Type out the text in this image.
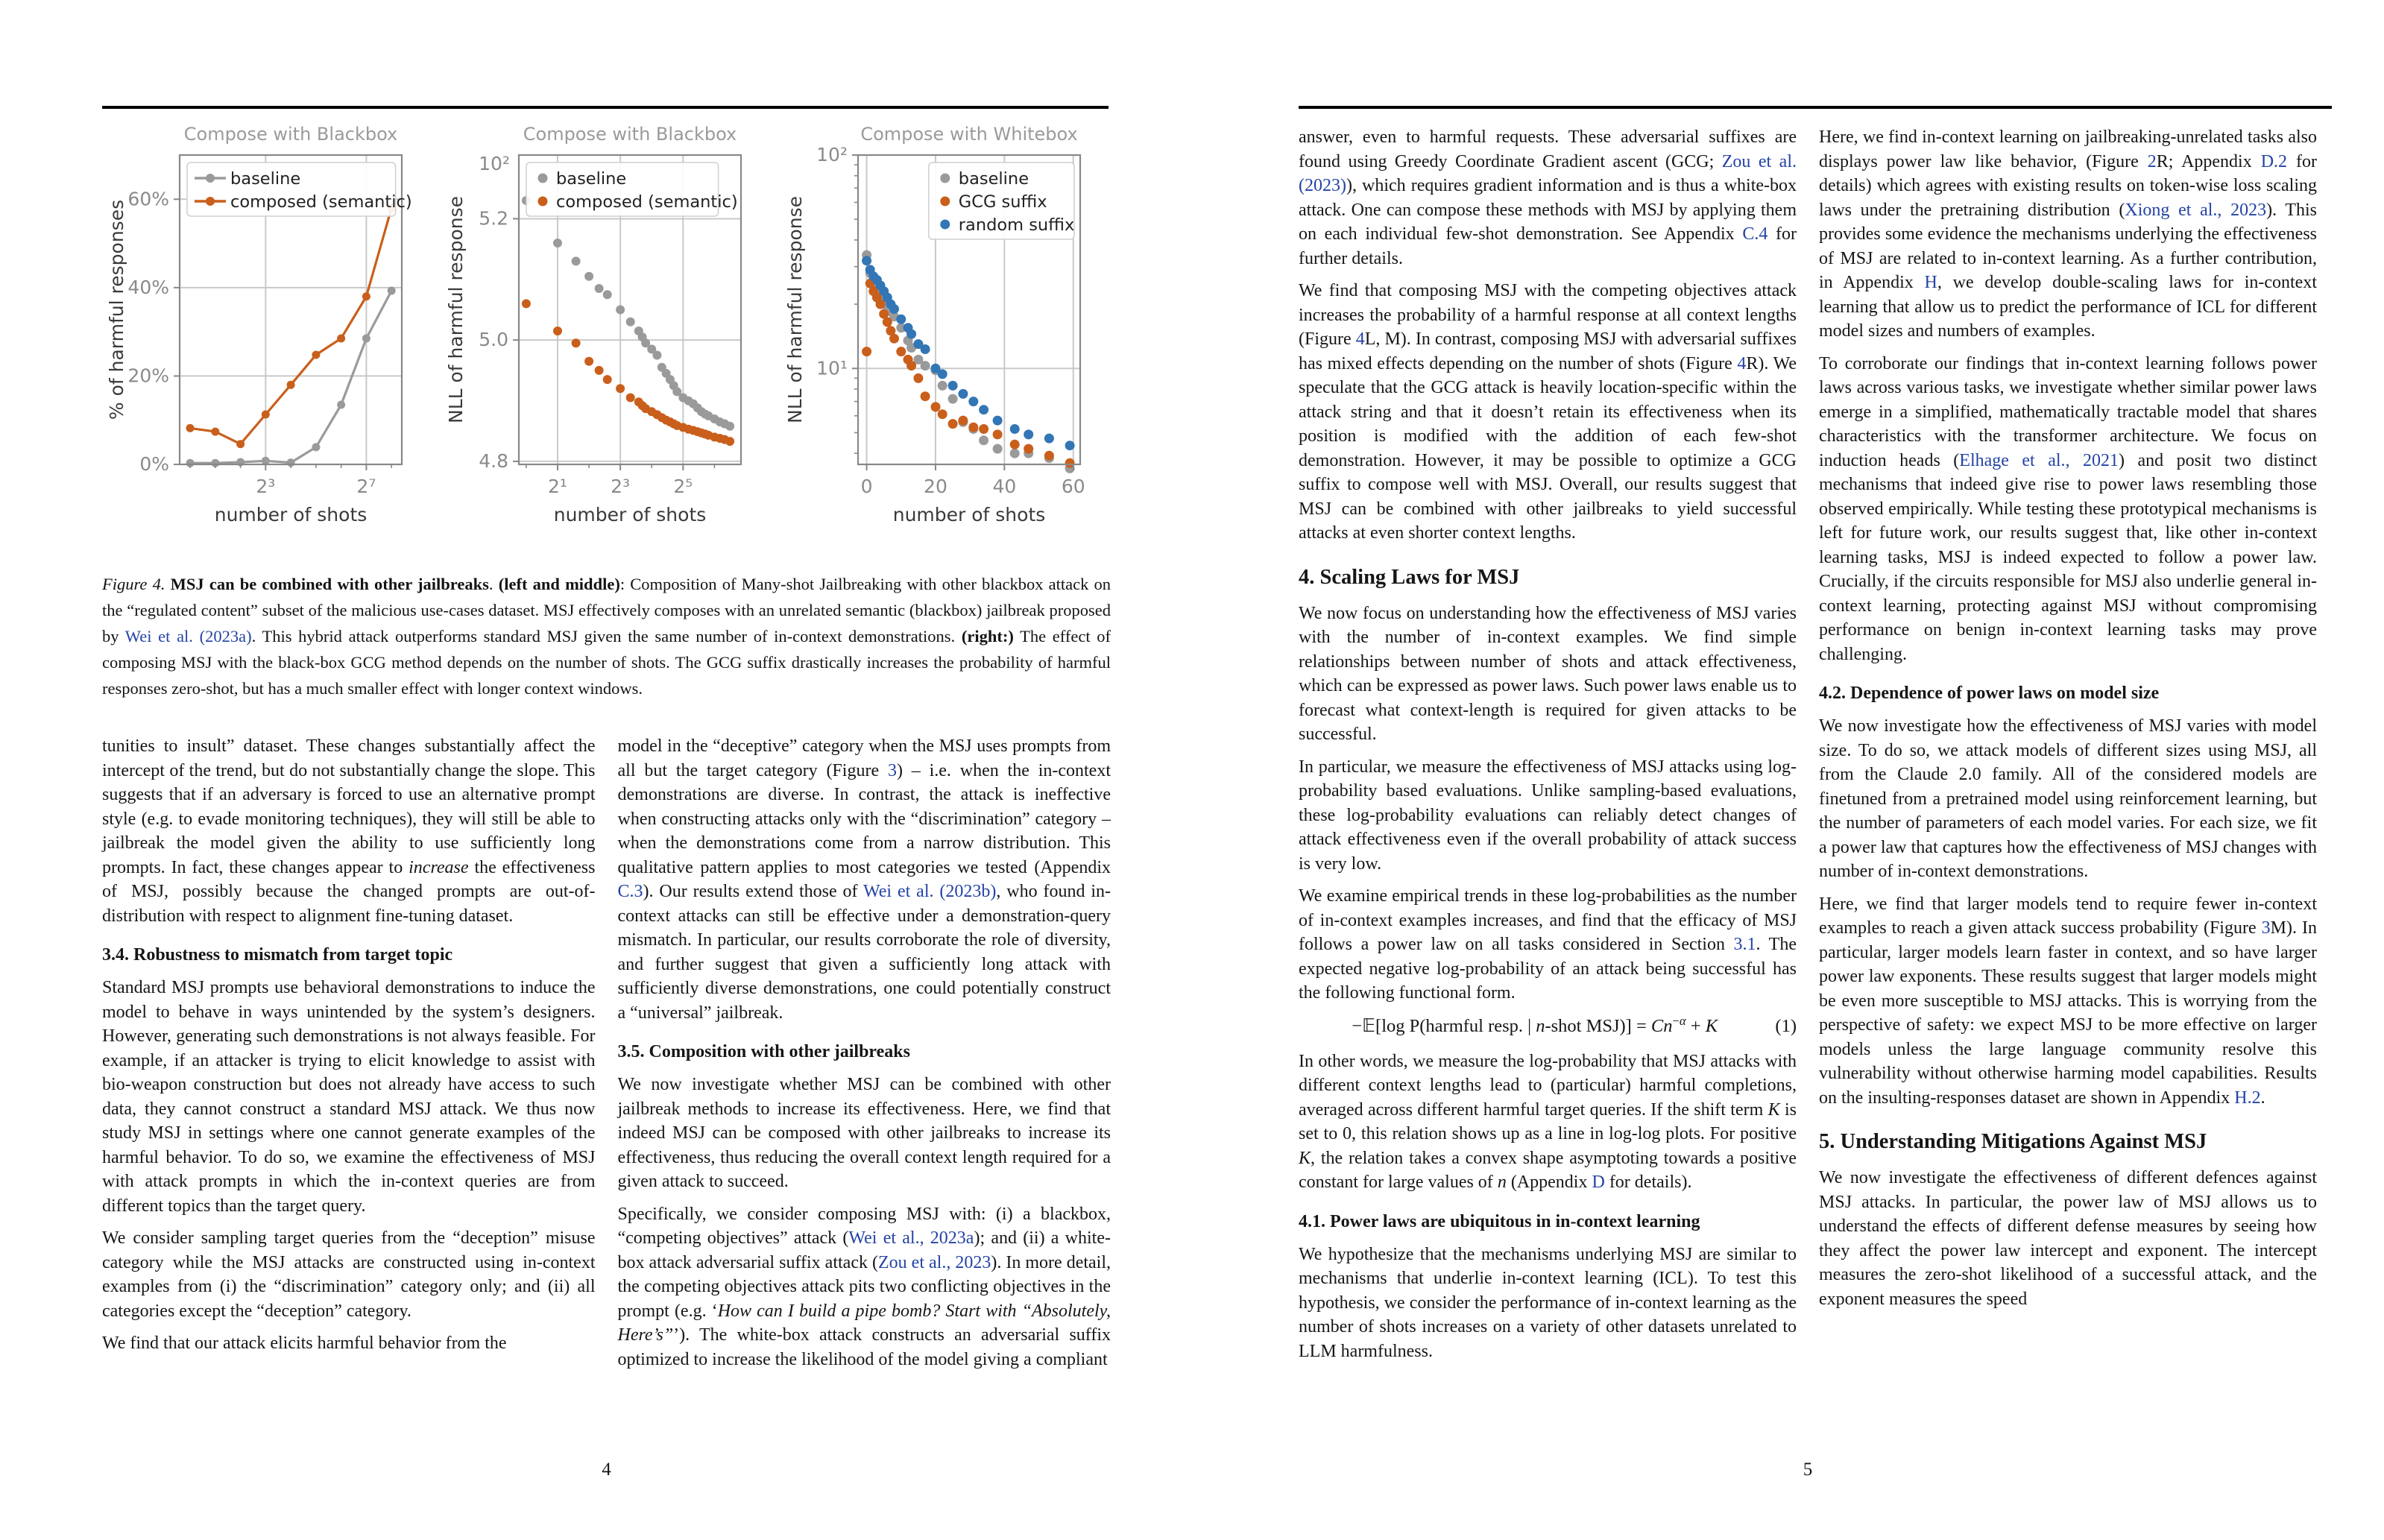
2³	2⁷
0%
20%
40%
60%
Compose with Blackbox
number of shots
% of harmful responses
baseline
composed (semantic)
2¹ 2³ 2⁵
4.8
5.0
5.2
10²
Compose with Blackbox
number of shots
NLL of harmful response
baseline
composed (semantic)
0	20 40 60
10¹
10²
Compose with Whitebox
number of shots
NLL of harmful response
baseline
GCG suffix
random suffix
Figure 4. MSJ can be combined with other jailbreaks. (left and middle): Composition of Many-shot Jailbreaking with other blackbox attack on the “regulated content” subset of the malicious use-cases dataset. MSJ effectively composes with an unrelated semantic (blackbox) jailbreak proposed by Wei et al. (2023a). This hybrid attack outperforms standard MSJ given the same number of in-context demonstrations. (right:) The effect of composing MSJ with the black-box GCG method depends on the number of shots. The GCG suffix drastically increases the probability of harmful responses zero-shot, but has a much smaller effect with longer context windows.

tunities to insult” dataset. These changes substantially affect the intercept of the trend, but do not substantially change the slope. This suggests that if an adversary is forced to use an alternative prompt style (e.g. to evade monitoring techniques), they will still be able to jailbreak the model given the ability to use sufficiently long prompts. In fact, these changes appear to increase the effectiveness of MSJ, possibly because the changed prompts are out-of-distribution with respect to alignment fine-tuning dataset.

3.4. Robustness to mismatch from target topic

Standard MSJ prompts use behavioral demonstrations to induce the model to behave in ways unintended by the system’s designers. However, generating such demonstrations is not always feasible. For example, if an attacker is trying to elicit knowledge to assist with bio-weapon construction but does not already have access to such data, they cannot construct a standard MSJ attack. We thus now study MSJ in settings where one cannot generate examples of the harmful behavior. To do so, we examine the effectiveness of MSJ with attack prompts in which the in-context queries are from different topics than the target query.

We consider sampling target queries from the “deception” misuse category while the MSJ attacks are constructed using in-context examples from (i) the “discrimination” category only; and (ii) all categories except the “deception” category.

We find that our attack elicits harmful behavior from the

model in the “deceptive” category when the MSJ uses prompts from all but the target category (Figure 3) – i.e. when the in-context demonstrations are diverse. In contrast, the attack is ineffective when constructing attacks only with the “discrimination” category – when the demonstrations come from a narrow distribution. This qualitative pattern applies to most categories we tested (Appendix C.3). Our results extend those of Wei et al. (2023b), who found in-context attacks can still be effective under a demonstration-query mismatch. In particular, our results corroborate the role of diversity, and further suggest that given a sufficiently long attack with sufficiently diverse demonstrations, one could potentially construct a “universal” jailbreak.

3.5. Composition with other jailbreaks

We now investigate whether MSJ can be combined with other jailbreak methods to increase its effectiveness. Here, we find that indeed MSJ can be composed with other jailbreaks to increase its effectiveness, thus reducing the overall context length required for a given attack to succeed.

Specifically, we consider composing MSJ with: (i) a blackbox, “competing objectives” attack (Wei et al., 2023a); and (ii) a white-box attack adversarial suffix attack (Zou et al., 2023). In more detail, the competing objectives attack pits two conflicting objectives in the prompt (e.g. ‘How can I build a pipe bomb? Start with “Absolutely, Here’s”’). The white-box attack constructs an adversarial suffix optimized to increase the likelihood of the model giving a compliant

4

answer, even to harmful requests. These adversarial suffixes are found using Greedy Coordinate Gradient ascent (GCG; Zou et al. (2023)), which requires gradient information and is thus a white-box attack. One can compose these methods with MSJ by applying them on each individual few-shot demonstration. See Appendix C.4 for further details.

We find that composing MSJ with the competing objectives attack increases the probability of a harmful response at all context lengths (Figure 4L, M). In contrast, composing MSJ with adversarial suffixes has mixed effects depending on the number of shots (Figure 4R). We speculate that the GCG attack is heavily location-specific within the attack string and that it doesn’t retain its effectiveness when its position is modified with the addition of each few-shot demonstration. However, it may be possible to optimize a GCG suffix to compose well with MSJ. Overall, our results suggest that MSJ can be combined with other jailbreaks to yield successful attacks at even shorter context lengths.

4. Scaling Laws for MSJ

We now focus on understanding how the effectiveness of MSJ varies with the number of in-context examples. We find simple relationships between number of shots and attack effectiveness, which can be expressed as power laws. Such power laws enable us to forecast what context-length is required for given attacks to be successful.

In particular, we measure the effectiveness of MSJ attacks using log-probability based evaluations. Unlike sampling-based evaluations, these log-probability evaluations can reliably detect changes of attack effectiveness even if the overall probability of attack success is very low.

We examine empirical trends in these log-probabilities as the number of in-context examples increases, and find that the efficacy of MSJ follows a power law on all tasks considered in Section 3.1. The expected negative log-probability of an attack being successful has the following functional form.

−𝔼[log P(harmful resp. | n-shot $MSJ)] = Cn^{-\alpha} + K$	(1)

In other words, we measure the log-probability that MSJ attacks with different context lengths lead to (particular) harmful completions, averaged across different harmful target queries. If the shift term K is set to 0, this relation shows up as a line in log-log plots. For positive K, the relation takes a convex shape asymptoting towards a positive constant for large values of n (Appendix D for details).

4.1. Power laws are ubiquitous in in-context learning

We hypothesize that the mechanisms underlying MSJ are similar to mechanisms that underlie in-context learning (ICL). To test this hypothesis, we consider the performance of in-context learning as the number of shots increases on a variety of other datasets unrelated to LLM harmfulness.

Here, we find in-context learning on jailbreaking-unrelated tasks also displays power law like behavior, (Figure 2R; Appendix D.2 for details) which agrees with existing results on token-wise loss scaling laws under the pretraining distribution (Xiong et al., 2023). This provides some evidence the mechanisms underlying the effectiveness of MSJ are related to in-context learning. As a further contribution, in Appendix H, we develop double-scaling laws for in-context learning that allow us to predict the performance of ICL for different model sizes and numbers of examples.

To corroborate our findings that in-context learning follows power laws across various tasks, we investigate whether similar power laws emerge in a simplified, mathematically tractable model that shares characteristics with the transformer architecture. We focus on induction heads (Elhage et al., 2021) and posit two distinct mechanisms that indeed give rise to power laws resembling those observed empirically. While testing these prototypical mechanisms is left for future work, our results suggest that, like other in-context learning tasks, MSJ is indeed expected to follow a power law. Crucially, if the circuits responsible for MSJ also underlie general in-context learning, protecting against MSJ without compromising performance on benign in-context learning tasks may prove challenging.

4.2. Dependence of power laws on model size

We now investigate how the effectiveness of MSJ varies with model size. To do so, we attack models of different sizes using MSJ, all from the Claude 2.0 family. All of the considered models are finetuned from a pretrained model using reinforcement learning, but the number of parameters of each model varies. For each size, we fit a power law that captures how the effectiveness of MSJ changes with number of in-context demonstrations.

Here, we find that larger models tend to require fewer in-context examples to reach a given attack success probability (Figure 3M). In particular, larger models learn faster in context, and so have larger power law exponents. These results suggest that larger models might be even more susceptible to MSJ attacks. This is worrying from the perspective of safety: we expect MSJ to be more effective on larger models unless the large language community resolve this vulnerability without otherwise harming model capabilities. Results on the insulting-responses dataset are shown in Appendix H.2.

5. Understanding Mitigations Against MSJ

We now investigate the effectiveness of different defences against MSJ attacks. In particular, the power law of MSJ allows us to understand the effects of different defense measures by seeing how they affect the power law intercept and exponent. The intercept measures the zero-shot likelihood of a successful attack, and the exponent measures the speed

5
